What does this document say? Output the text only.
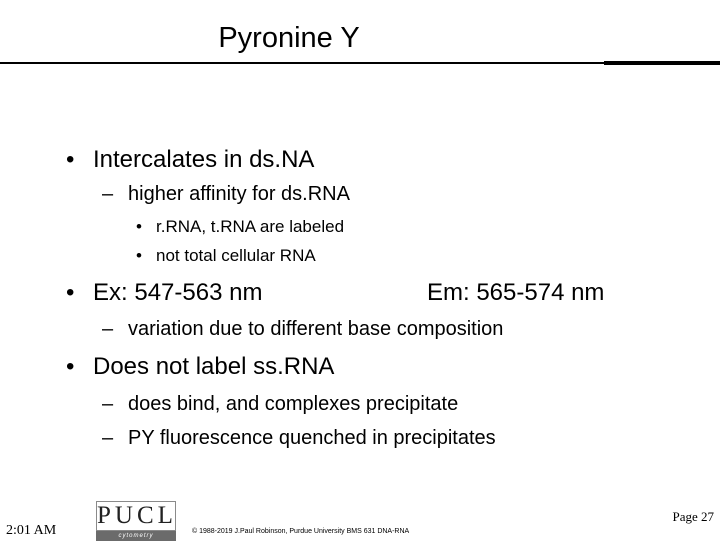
Pyronine Y
• Intercalates in ds.NA
– higher affinity for ds.RNA
• r.RNA, t.RNA are labeled
• not total cellular RNA
• Ex: 547-563 nm	Em: 565-574 nm
– variation due to different base composition
• Does not label ss.RNA
– does bind, and complexes precipitate
– PY fluorescence quenched in precipitates
PUCL
cytometry laboratories
© 1988-2019 J.Paul Robinson, Purdue University BMS 631 DNA-RNA
Page 27
2:01 AM
